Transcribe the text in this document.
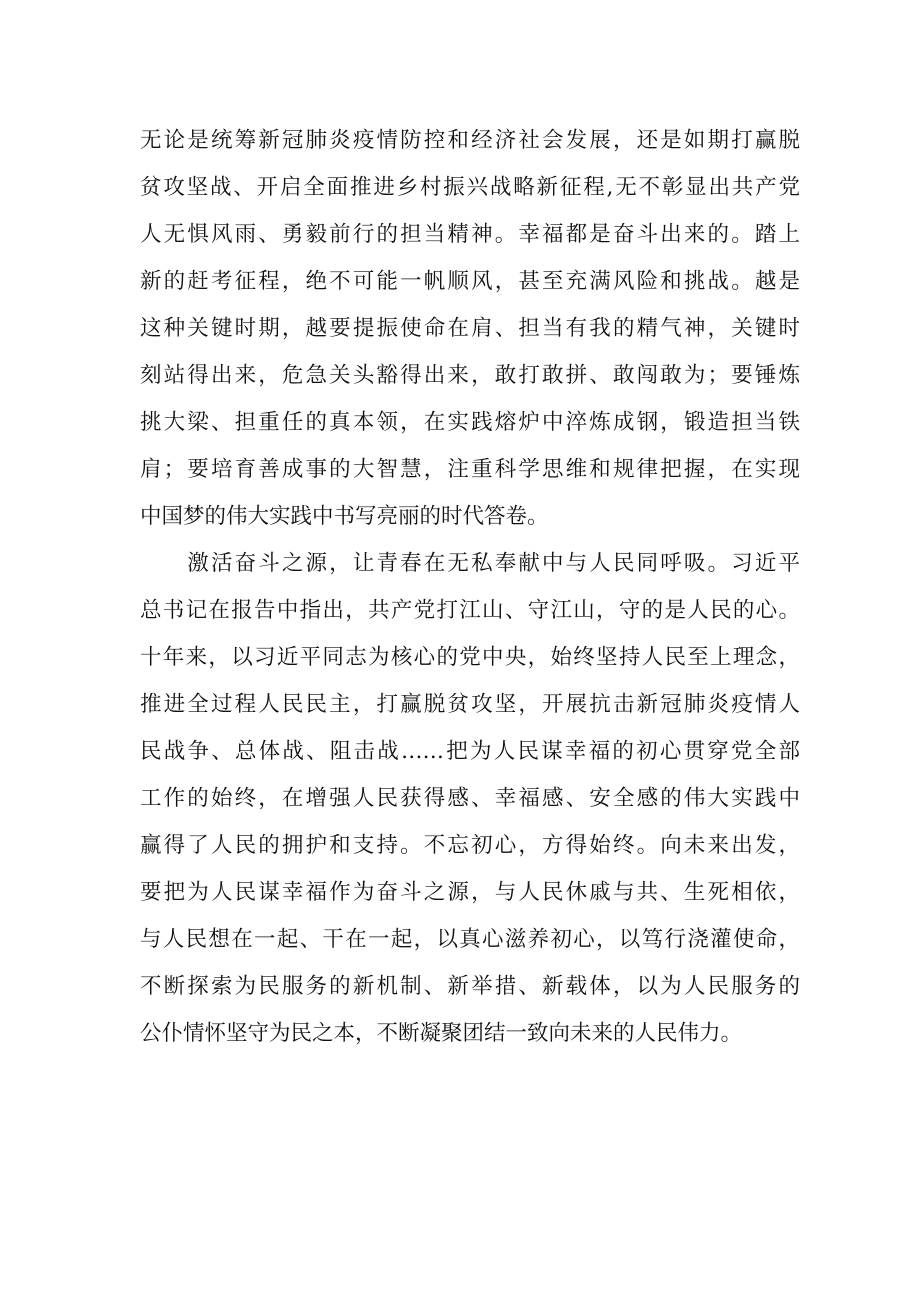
无论是统筹新冠肺炎疫情防控和经济社会发展，还是如期打赢脱
贫攻坚战、开启全面推进乡村振兴战略新征程,无不彰显出共产党
人无惧风雨、勇毅前行的担当精神。幸福都是奋斗出来的。踏上
新的赶考征程，绝不可能一帆顺风，甚至充满风险和挑战。越是
这种关键时期，越要提振使命在肩、担当有我的精气神，关键时
刻站得出来，危急关头豁得出来，敢打敢拼、敢闯敢为；要锤炼
挑大梁、担重任的真本领，在实践熔炉中淬炼成钢，锻造担当铁
肩；要培育善成事的大智慧，注重科学思维和规律把握，在实现
中国梦的伟大实践中书写亮丽的时代答卷。
　　激活奋斗之源，让青春在无私奉献中与人民同呼吸。习近平
总书记在报告中指出，共产党打江山、守江山，守的是人民的心。
十年来，以习近平同志为核心的党中央，始终坚持人民至上理念，
推进全过程人民民主，打赢脱贫攻坚，开展抗击新冠肺炎疫情人
民战争、总体战、阻击战……把为人民谋幸福的初心贯穿党全部
工作的始终，在增强人民获得感、幸福感、安全感的伟大实践中
赢得了人民的拥护和支持。不忘初心，方得始终。向未来出发，
要把为人民谋幸福作为奋斗之源，与人民休戚与共、生死相依，
与人民想在一起、干在一起，以真心滋养初心，以笃行浇灌使命，
不断探索为民服务的新机制、新举措、新载体，以为人民服务的
公仆情怀坚守为民之本，不断凝聚团结一致向未来的人民伟力。
